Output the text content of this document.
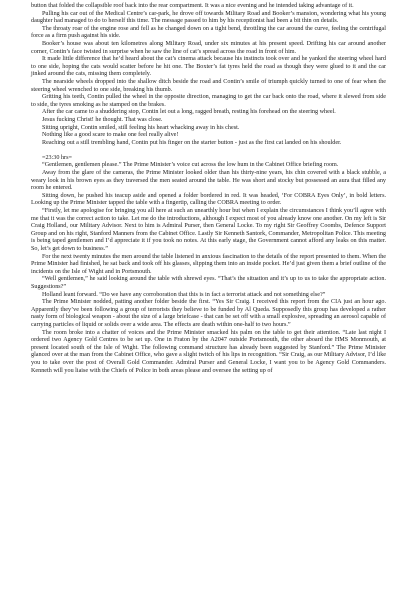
button that folded the collapsible roof back into the rear compartment. It was a nice evening and he intended taking advantage of it.

Pulling his car out of the Medical Centre’s car-park, he drove off towards Military Road and Booker’s mansion, wondering what his young daughter had managed to do to herself this time. The message passed to him by his receptionist had been a bit thin on details.

The throaty roar of the engine rose and fell as he changed down on a tight bend, throttling the car around the curve, feeling the centrifugal force as a firm push against his side.

Booker’s house was about ten kilometres along Military Road, under six minutes at his present speed. Drifting his car around another corner, Contin’s face twisted in surprise when he saw the line of cat’s spread across the road in front of him.

It made little difference that he’d heard about the cat’s cinema attack because his instincts took over and he yanked the steering wheel hard to one side, hoping the cats would scatter before he hit one. The Boxter’s fat tyres held the road as though they were glued to it and the car jinked around the cats, missing them completely.

The nearside wheels dropped into the shallow ditch beside the road and Contin’s smile of triumph quickly turned to one of fear when the steering wheel wrenched to one side, breaking his thumb.

Gritting his teeth, Contin pulled the wheel in the opposite direction, managing to get the car back onto the road, where it slewed from side to side, the tyres smoking as he stamped on the brakes.

After the car came to a shuddering stop, Contin let out a long, ragged breath, resting his forehead on the steering wheel.

Jesus fucking Christ! he thought. That was close.

Sitting upright, Contin smiled, still feeling his heart whacking away in his chest.

Nothing like a good scare to make one feel really alive!

Reaching out a still trembling hand, Contin put his finger on the starter button - just as the first cat landed on his shoulder.

=23:30 hrs=

“Gentlemen, gentlemen please.” The Prime Minister’s voice cut across the low hum in the Cabinet Office briefing room.

Away from the glare of the cameras, the Prime Minister looked older than his thirty-nine years, his chin covered with a black stubble, a weary look in his brown eyes as they traversed the men seated around the table. He was short and stocky but possessed an aura that filled any room he entered.

Sitting down, he pushed his teacup aside and opened a folder bordered in red. It was headed, ‘For COBRA Eyes Only’, in bold letters. Looking up the Prime Minister tapped the table with a fingertip, calling the COBRA meeting to order.

“Firstly, let me apologise for bringing you all here at such an unearthly hour but when I explain the circumstances I think you’ll agree with me that it was the correct action to take. Let me do the introductions, although I expect most of you already know one another. On my left is Sir Craig Holland, our Military Advisor. Next to him is Admiral Purser, then General Locke. To my right Sir Geoffrey Coombs, Defence Support Group and on his right, Stanford Manners from the Cabinet Office. Lastly Sir Kenneth Santork, Commander, Metropolitan Police. This meeting is being taped gentlemen and I’d appreciate it if you took no notes. At this early stage, the Government cannot afford any leaks on this matter. So, let’s get down to business.”

For the next twenty minutes the men around the table listened in anxious fascination to the details of the report presented to them. When the Prime Minister had finished, he sat back and took off his glasses, slipping them into an inside pocket. He’d just given them a brief outline of the incidents on the Isle of Wight and in Portsmouth.

“Well gentlemen,” he said looking around the table with shrewd eyes. “That’s the situation and it’s up to us to take the appropriate action. Suggestions?”

Holland leant forward. “Do we have any corroboration that this is in fact a terrorist attack and not something else?”

The Prime Minister nodded, patting another folder beside the first. “Yes Sir Craig. I received this report from the CIA just an hour ago. Apparently they’ve been following a group of terrorists they believe to be funded by Al Queda. Supposedly this group has developed a rather nasty form of biological weapon - about the size of a large briefcase - that can be set off with a small explosive, spreading an aerosol capable of carrying particles of liquid or solids over a wide area. The effects are death within one-half to two hours.”

The room broke into a chatter of voices and the Prime Minister smacked his palm on the table to get their attention. “Late last night I ordered two Agency Gold Centres to be set up. One in Fraton by the A2047 outside Portsmouth, the other aboard the HMS Monmouth, at present located south of the Isle of Wight. The following command structure has already been suggested by Stanford.” The Prime Minister glanced over at the man from the Cabinet Office, who gave a slight twitch of his lips in recognition. “Sir Craig, as our Military Advisor, I’d like you to take over the post of Overall Gold Commander. Admiral Purser and General Locke, I want you to be Agency Gold Commanders. Kenneth will you liaise with the Chiefs of Police in both areas please and oversee the setting up of
